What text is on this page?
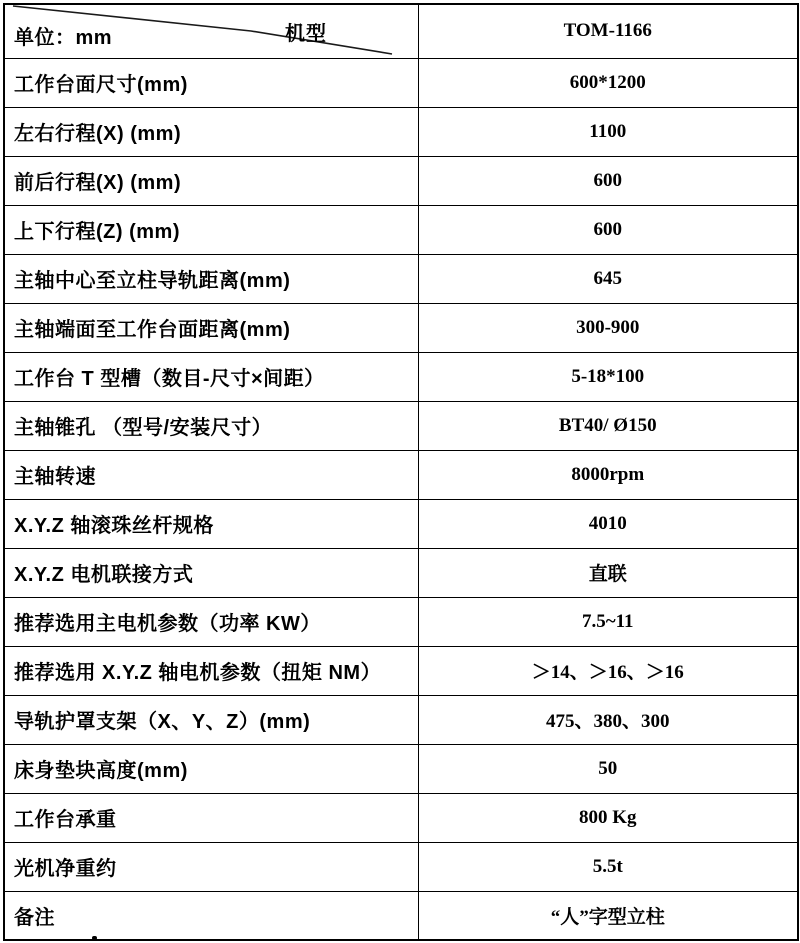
单位：mm 机型	TOM-1166
工作台面尺寸(mm)	600*1200
左右行程(X) (mm)	1100
前后行程(X) (mm)	600
上下行程(Z) (mm)	600
主轴中心至立柱导轨距离(mm)	645
主轴端面至工作台面距离(mm)	300-900
工作台 T 型槽（数目-尺寸×间距）	5-18*100
主轴锥孔 （型号/安装尺寸）	BT40/ Ø150
主轴转速	8000rpm
X.Y.Z 轴滚珠丝杆规格	4010
X.Y.Z 电机联接方式	直联
推荐选用主电机参数（功率 KW）	7.5~11
推荐选用 X.Y.Z 轴电机参数（扭矩 NM）	＞14、＞16、＞16
导轨护罩支架（X、Y、Z）(mm)	475、380、300
床身垫块高度(mm)	50
工作台承重	800 Kg
光机净重约	5.5t
备注	“人”字型立柱
